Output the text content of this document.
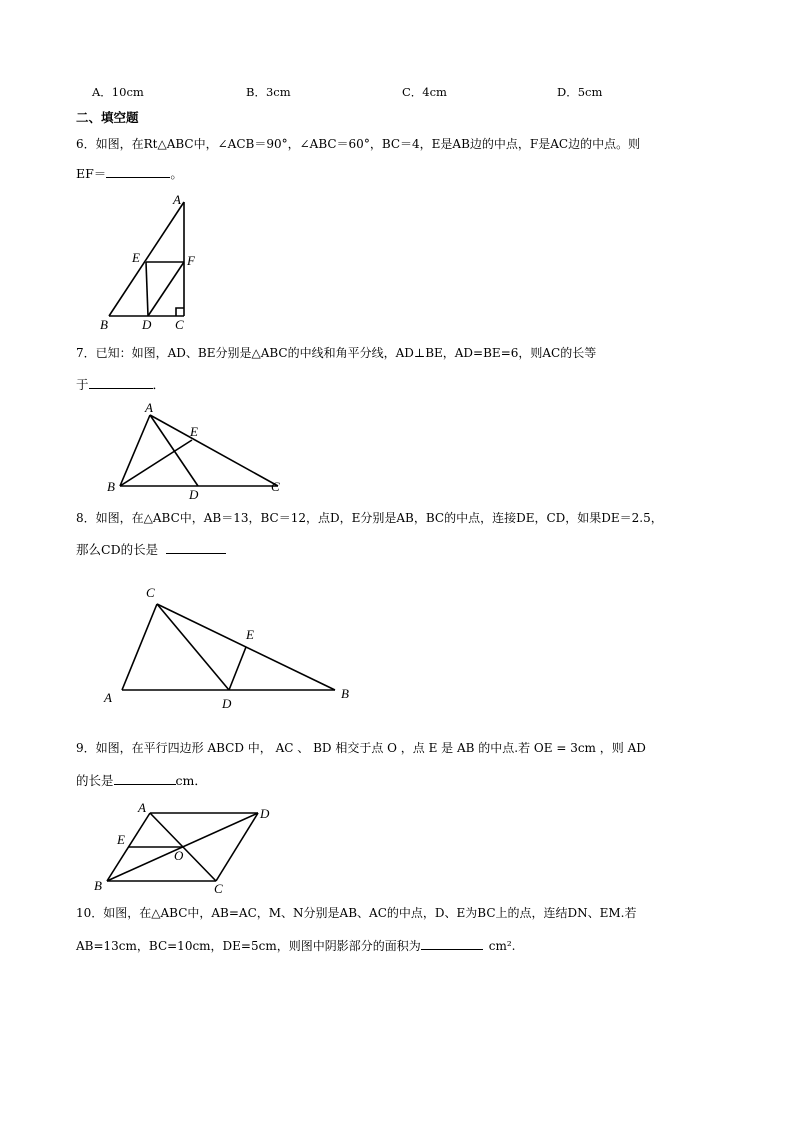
A．10cm	B．3cm	C．4cm	D．5cm
二、填空题
6．如图，在Rt△ABC中，∠ACB＝90°，∠ABC＝60°，BC＝4，E是AB边的中点，F是AC边的中点。则
EF＝	。
A
E	F
B	D C
7．已知：如图，AD、BE分别是△ABC的中线和角平分线，AD⊥BE，AD=BE=6，则AC的长等
于	．
A
E
B
D
C
8．如图，在△ABC中，AB＝13，BC＝12，点D，E分别是AB，BC的中点，连接DE，CD，如果DE＝2.5，
那么CD的长是
C
E
A	D
B
9．如图，在平行四边形 ABCD 中， AC 、 BD 相交于点 O ，点 E 是 AB 的中点.若 OE = 3cm ，则 AD
的长是	cm．
A	D
E
O
B	C
10．如图，在△ABC中，AB=AC，M、N分别是AB、AC的中点，D、E为BC上的点，连结DN、EM.若
AB=13cm，BC=10cm，DE=5cm，则图中阴影部分的面积为	cm².
